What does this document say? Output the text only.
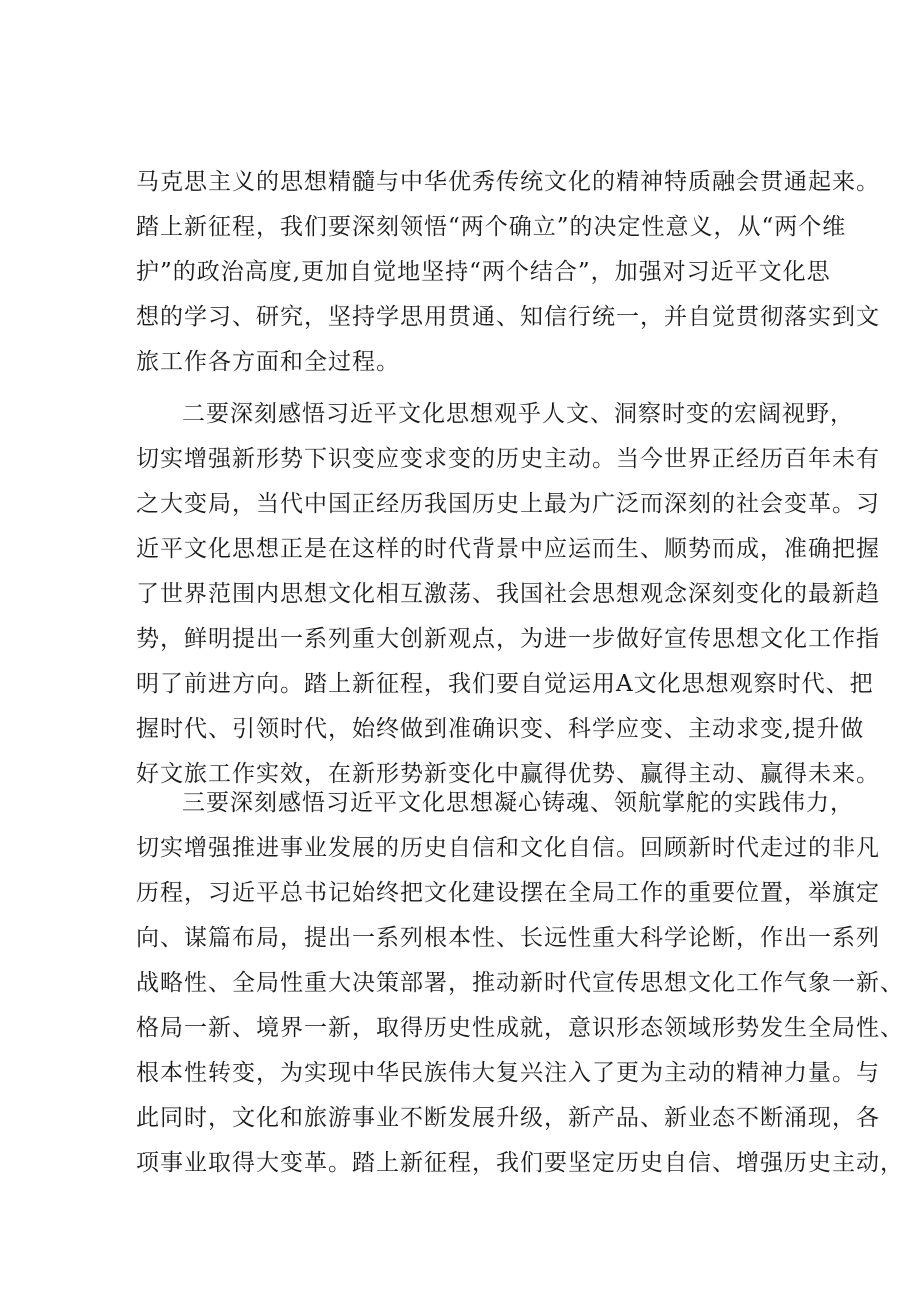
马克思主义的思想精髓与中华优秀传统文化的精神特质融会贯通起来。
踏上新征程，我们要深刻领悟“两个确立”的决定性意义，从“两个维
护”的政治高度,更加自觉地坚持“两个结合”，加强对习近平文化思
想的学习、研究，坚持学思用贯通、知信行统一，并自觉贯彻落实到文
旅工作各方面和全过程。
二要深刻感悟习近平文化思想观乎人文、洞察时变的宏阔视野，
切实增强新形势下识变应变求变的历史主动。当今世界正经历百年未有
之大变局，当代中国正经历我国历史上最为广泛而深刻的社会变革。习
近平文化思想正是在这样的时代背景中应运而生、顺势而成，准确把握
了世界范围内思想文化相互激荡、我国社会思想观念深刻变化的最新趋
势，鲜明提出一系列重大创新观点，为进一步做好宣传思想文化工作指
明了前进方向。踏上新征程，我们要自觉运用A文化思想观察时代、把
握时代、引领时代，始终做到准确识变、科学应变、主动求变,提升做
好文旅工作实效，在新形势新变化中赢得优势、赢得主动、赢得未来。
三要深刻感悟习近平文化思想凝心铸魂、领航掌舵的实践伟力，
切实增强推进事业发展的历史自信和文化自信。回顾新时代走过的非凡
历程，习近平总书记始终把文化建设摆在全局工作的重要位置，举旗定
向、谋篇布局，提出一系列根本性、长远性重大科学论断，作出一系列
战略性、全局性重大决策部署，推动新时代宣传思想文化工作气象一新、
格局一新、境界一新，取得历史性成就，意识形态领域形势发生全局性、
根本性转变，为实现中华民族伟大复兴注入了更为主动的精神力量。与
此同时，文化和旅游事业不断发展升级，新产品、新业态不断涌现，各
项事业取得大变革。踏上新征程，我们要坚定历史自信、增强历史主动，
